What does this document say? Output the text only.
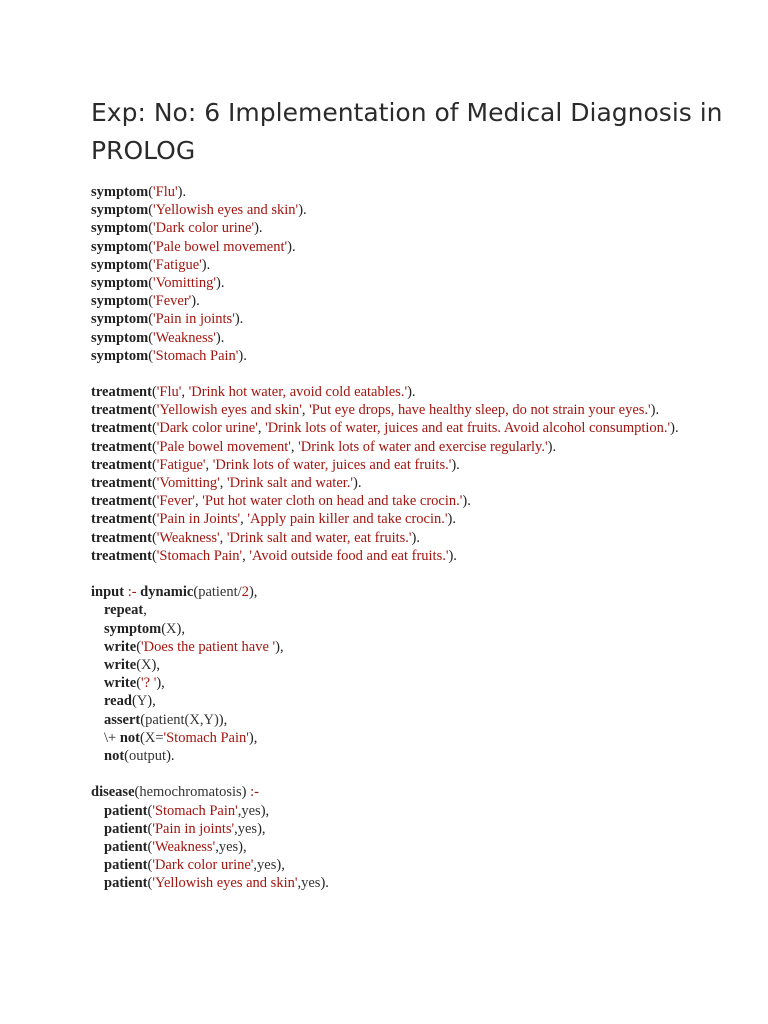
Exp: No: 6 Implementation of Medical Diagnosis in PROLOG
symptom('Flu').
symptom('Yellowish eyes and skin').
symptom('Dark color urine').
symptom('Pale bowel movement').
symptom('Fatigue').
symptom('Vomitting').
symptom('Fever').
symptom('Pain in joints').
symptom('Weakness').
symptom('Stomach Pain').
treatment('Flu', 'Drink hot water, avoid cold eatables.').
treatment('Yellowish eyes and skin', 'Put eye drops, have healthy sleep, do not strain your eyes.').
treatment('Dark color urine', 'Drink lots of water, juices and eat fruits. Avoid alcohol consumption.').
treatment('Pale bowel movement', 'Drink lots of water and exercise regularly.').
treatment('Fatigue', 'Drink lots of water, juices and eat fruits.').
treatment('Vomitting', 'Drink salt and water.').
treatment('Fever', 'Put hot water cloth on head and take crocin.').
treatment('Pain in Joints', 'Apply pain killer and take crocin.').
treatment('Weakness', 'Drink salt and water, eat fruits.').
treatment('Stomach Pain', 'Avoid outside food and eat fruits.').
input :- dynamic(patient/2),
repeat,
symptom(X),
write('Does the patient have '),
write(X),
write('? '),
read(Y),
assert(patient(X,Y)),
\+ not(X='Stomach Pain'),
not(output).
disease(hemochromatosis) :-
patient('Stomach Pain',yes),
patient('Pain in joints',yes),
patient('Weakness',yes),
patient('Dark color urine',yes),
patient('Yellowish eyes and skin',yes).
